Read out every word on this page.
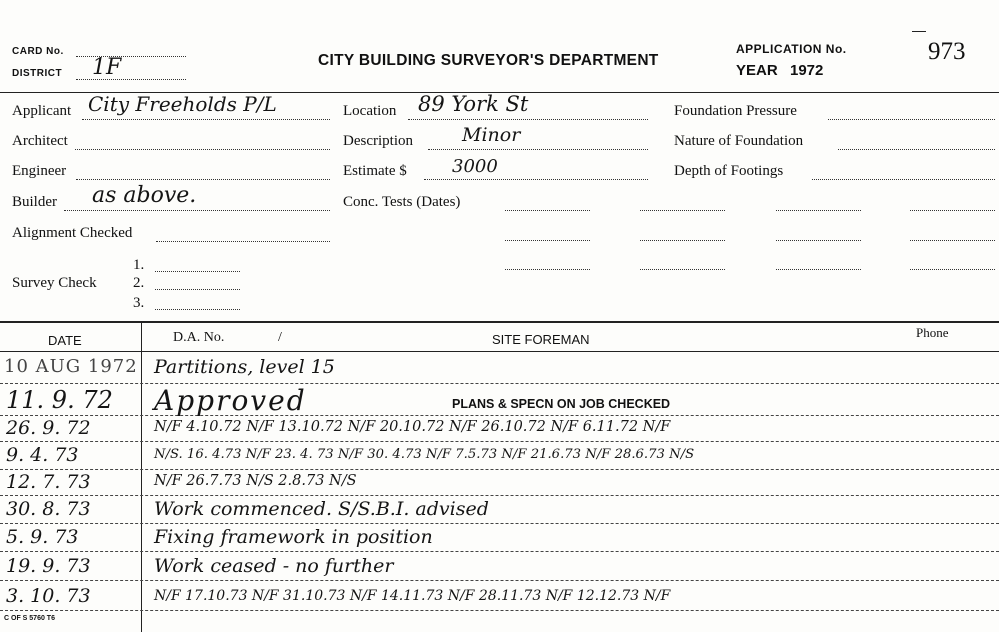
CARD No.
DISTRICT 1F	CITY BUILDING SURVEYOR'S DEPARTMENT
APPLICATION No.
YEAR 1972
973
Applicant City Freeholds P/L
Architect
Engineer
Builder as above.
Alignment Checked
Survey Check
1.
2.
3.
Location 89 York St
Description	Minor
Estimate $	3000
Conc. Tests (Dates)
Foundation Pressure
Nature of Foundation
Depth of Footings
DATE	D.A. No.	/	SITE FOREMAN	Phone
10 AUG 1972 Partitions, level 15
11. 9. 72 Approved	PLANS & SPECN ON JOB CHECKED
26. 9. 72	N/F 4.10.72 N/F 13.10.72 N/F 20.10.72 N/F 26.10.72 N/F 6.11.72 N/F
9. 4. 73	N/S. 16. 4.73 N/F 23. 4. 73 N/F 30. 4.73 N/F 7.5.73 N/F 21.6.73 N/F 28.6.73 N/S
12. 7. 73	N/F 26.7.73 N/S 2.8.73 N/S
30. 8. 73	Work commenced. S/S.B.I. advised
5. 9. 73	Fixing framework in position
19. 9. 73	Work ceased - no further
3. 10. 73	N/F 17.10.73 N/F 31.10.73 N/F 14.11.73 N/F 28.11.73 N/F 12.12.73 N/F
C OF S 5760 T6
